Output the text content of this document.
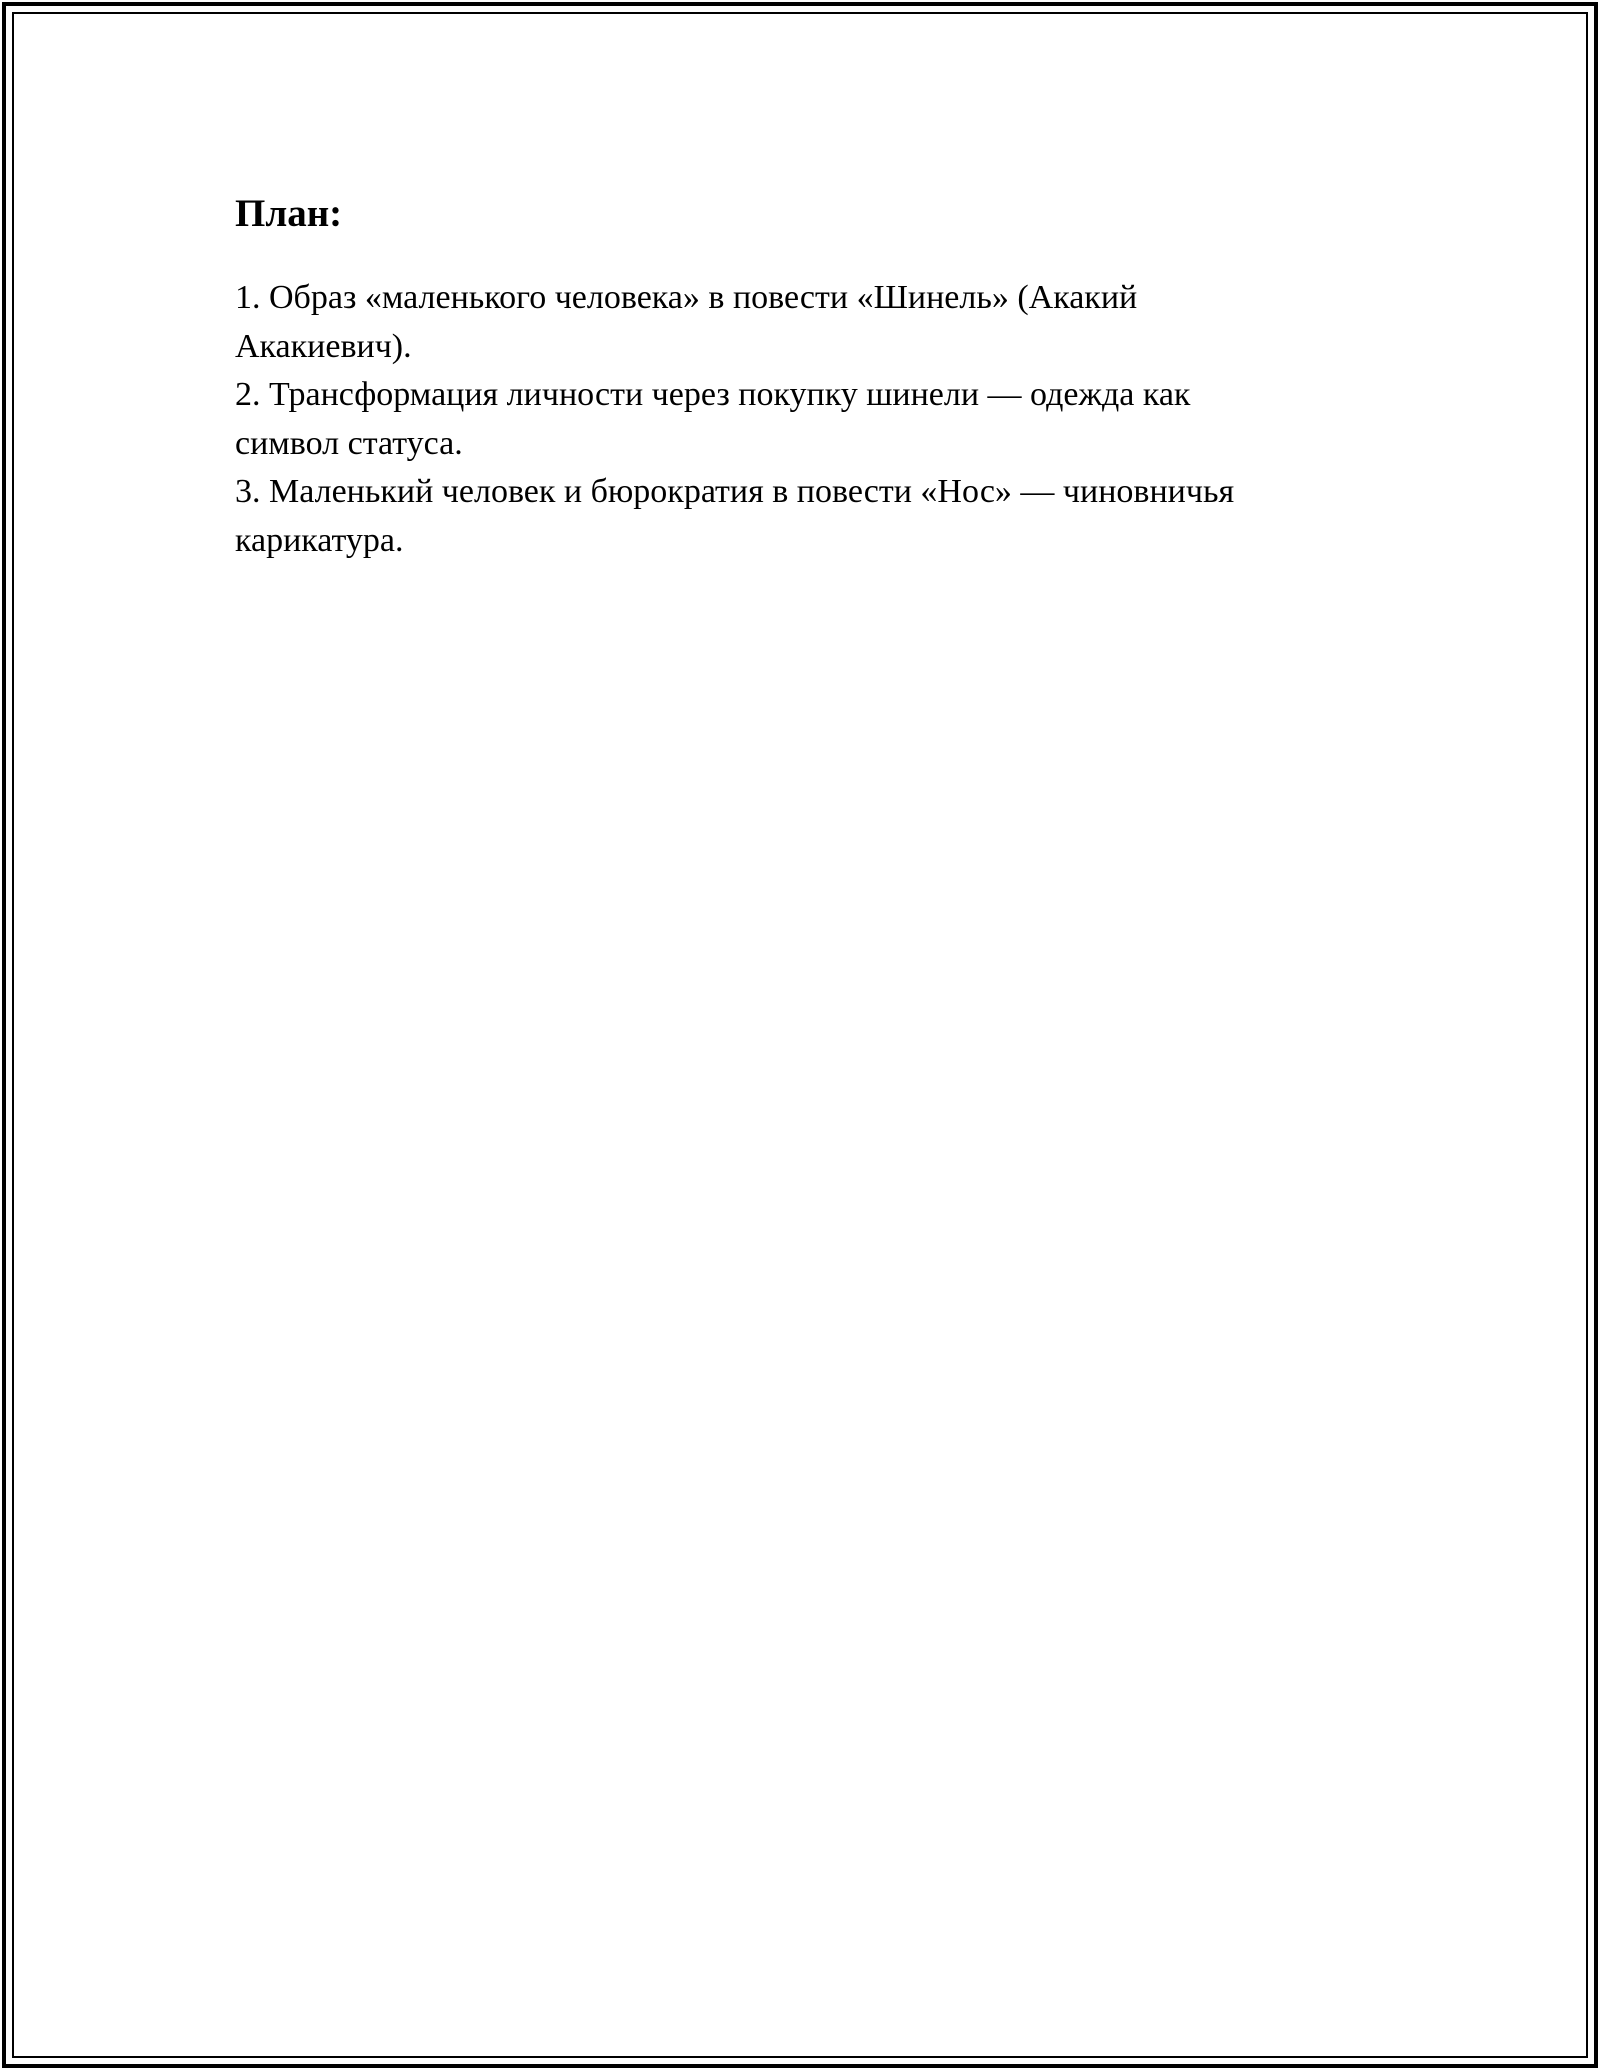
План:

1. Образ «маленького человека» в повести «Шинель» (Акакий
Акакиевич).

2. Трансформация личности через покупку шинели — одежда как
символ статуса.

3. Маленький человек и бюрократия в повести «Нос» — чиновничья
карикатура.
